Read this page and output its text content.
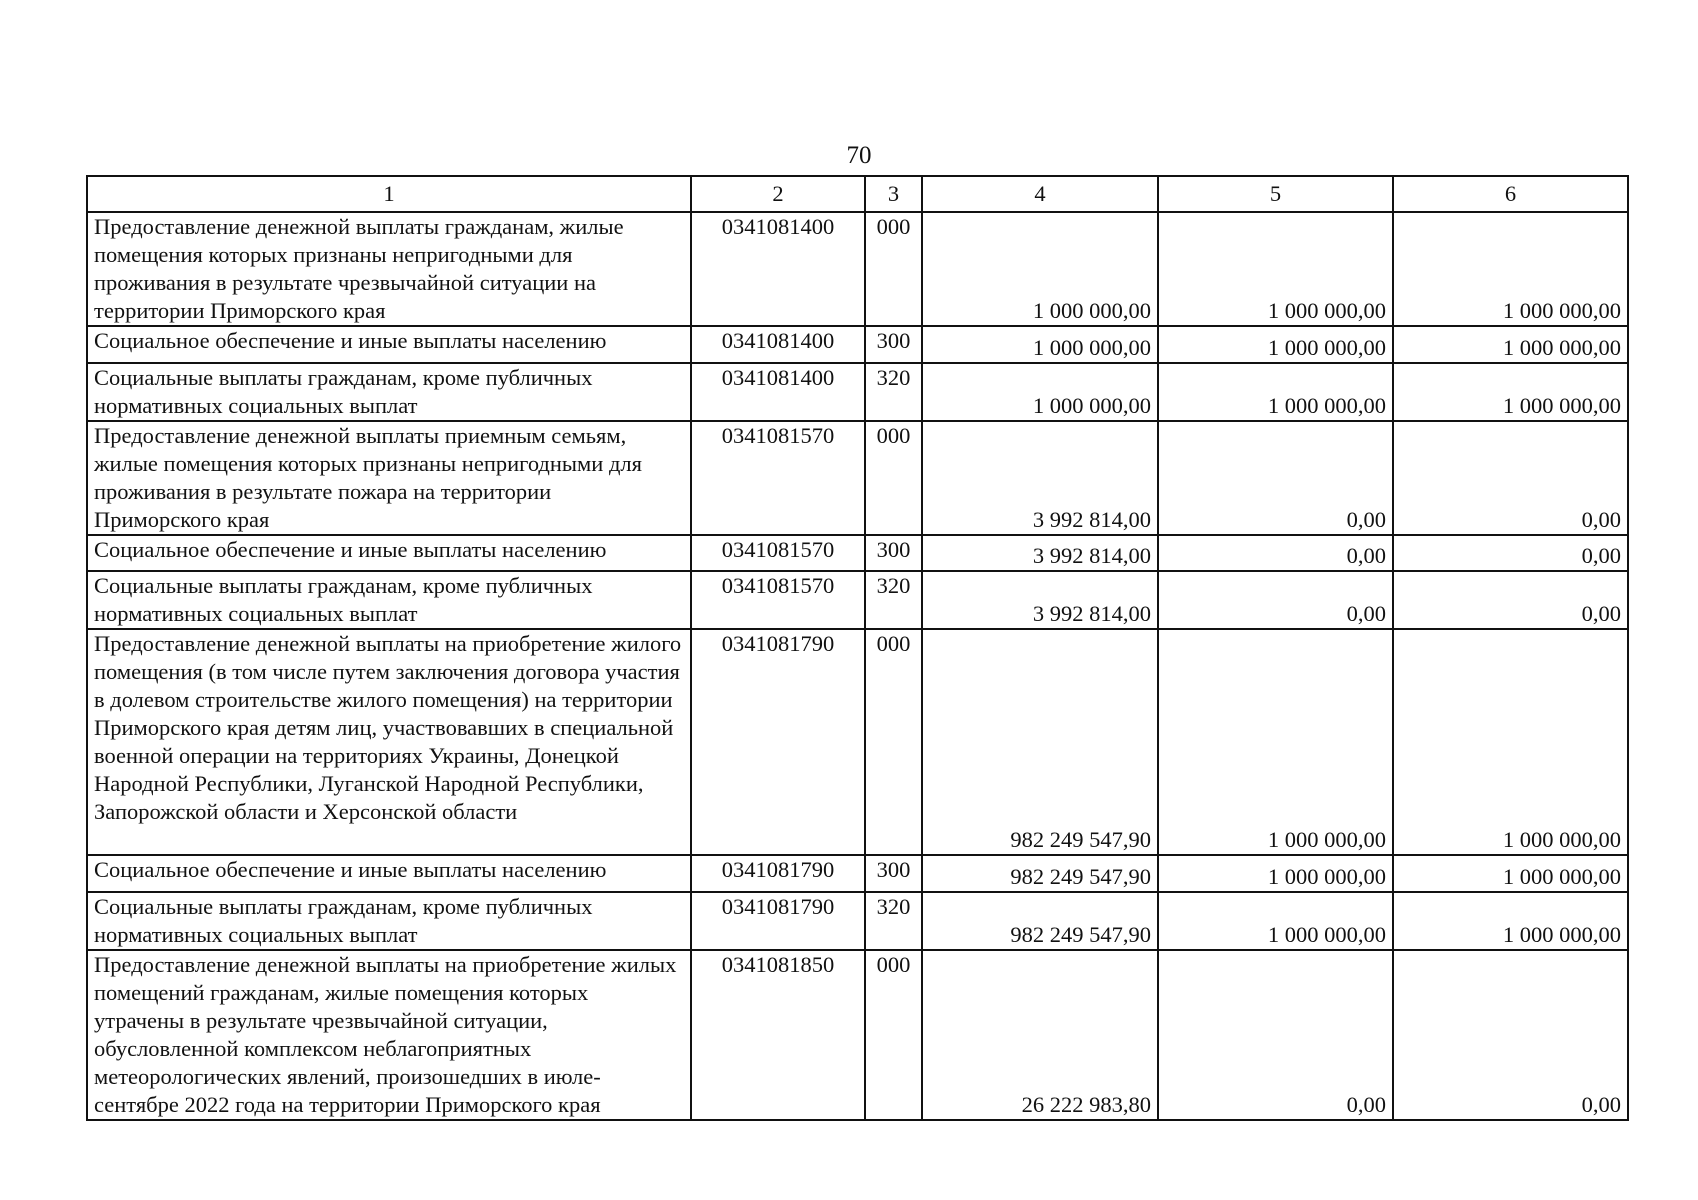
70
1	2	3	4	5	6
Предоставление денежной выплаты гражданам, жилые помещения которых признаны непригодными для проживания в результате чрезвычайной ситуации на территории Приморского края	0341081400	000	1 000 000,00	1 000 000,00	1 000 000,00
Социальное обеспечение и иные выплаты населению	0341081400	300	1 000 000,00	1 000 000,00	1 000 000,00
Социальные выплаты гражданам, кроме публичных нормативных социальных выплат	0341081400	320	1 000 000,00	1 000 000,00	1 000 000,00
Предоставление денежной выплаты приемным семьям, жилые помещения которых признаны непригодными для проживания в результате пожара на территории Приморского края	0341081570	000	3 992 814,00	0,00	0,00
Социальное обеспечение и иные выплаты населению	0341081570	300	3 992 814,00	0,00	0,00
Социальные выплаты гражданам, кроме публичных нормативных социальных выплат	0341081570	320	3 992 814,00	0,00	0,00
Предоставление денежной выплаты на приобретение жилого помещения (в том числе путем заключения договора участия в долевом строительстве жилого помещения) на территории Приморского края детям лиц, участвовавших в специальной военной операции на территориях Украины, Донецкой Народной Республики, Луганской Народной Республики, Запорожской области и Херсонской области	0341081790	000	982 249 547,90	1 000 000,00	1 000 000,00
Социальное обеспечение и иные выплаты населению	0341081790	300	982 249 547,90	1 000 000,00	1 000 000,00
Социальные выплаты гражданам, кроме публичных нормативных социальных выплат	0341081790	320	982 249 547,90	1 000 000,00	1 000 000,00
Предоставление денежной выплаты на приобретение жилых помещений гражданам, жилые помещения которых утрачены в результате чрезвычайной ситуации, обусловленной комплексом неблагоприятных метеорологических явлений, произошедших в июле-сентябре 2022 года на территории Приморского края	0341081850	000	26 222 983,80	0,00	0,00
